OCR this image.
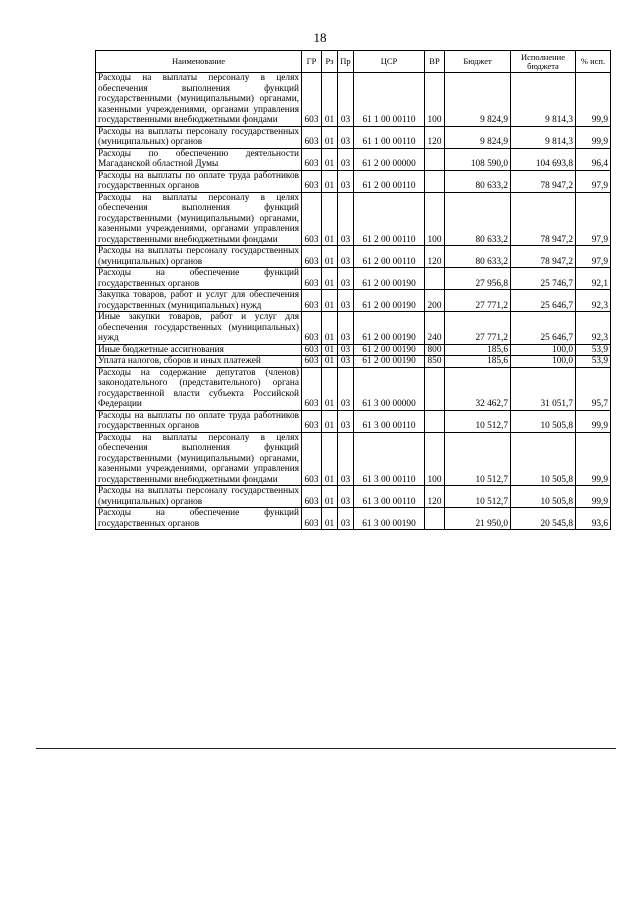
18
Наименование	ГР	Рз	Пр	ЦСР	ВР	Бюджет	Исполнение бюджета	% исп.
Расходы на выплаты персоналу в целях обеспечения выполнения функций государственными (муниципальными) органами, казенными учреждениями, органами управления государственными внебюджетными фондами	603	01	03	61 1 00 00110	100	9 824,9	9 814,3	99,9
Расходы на выплаты персоналу государственных (муниципальных) органов	603	01	03	61 1 00 00110	120	9 824,9	9 814,3	99,9
Расходы по обеспечению деятельности Магаданской областной Думы	603	01	03	61 2 00 00000		108 590,0	104 693,8	96,4
Расходы на выплаты по оплате труда работников государственных органов	603	01	03	61 2 00 00110		80 633,2	78 947,2	97,9
Расходы на выплаты персоналу в целях обеспечения выполнения функций государственными (муниципальными) органами, казенными учреждениями, органами управления государственными внебюджетными фондами	603	01	03	61 2 00 00110	100	80 633,2	78 947,2	97,9
Расходы на выплаты персоналу государственных (муниципальных) органов	603	01	03	61 2 00 00110	120	80 633,2	78 947,2	97,9
Расходы на обеспечение функций государственных органов	603	01	03	61 2 00 00190		27 956,8	25 746,7	92,1
Закупка товаров, работ и услуг для обеспечения государственных (муниципальных) нужд	603	01	03	61 2 00 00190	200	27 771,2	25 646,7	92,3
Иные закупки товаров, работ и услуг для обеспечения государственных (муниципальных) нужд	603	01	03	61 2 00 00190	240	27 771,2	25 646,7	92,3
Иные бюджетные ассигнования	603	01	03	61 2 00 00190	800	185,6	100,0	53,9
Уплата налогов, сборов и иных платежей	603	01	03	61 2 00 00190	850	185,6	100,0	53,9
Расходы на содержание депутатов (членов) законодательного (представительного) органа государственной власти субъекта Российской Федерации	603	01	03	61 3 00 00000		32 462,7	31 051,7	95,7
Расходы на выплаты по оплате труда работников государственных органов	603	01	03	61 3 00 00110		10 512,7	10 505,8	99,9
Расходы на выплаты персоналу в целях обеспечения выполнения функций государственными (муниципальными) органами, казенными учреждениями, органами управления государственными внебюджетными фондами	603	01	03	61 3 00 00110	100	10 512,7	10 505,8	99,9
Расходы на выплаты персоналу государственных (муниципальных) органов	603	01	03	61 3 00 00110	120	10 512,7	10 505,8	99,9
Расходы на обеспечение функций государственных органов	603	01	03	61 3 00 00190		21 950,0	20 545,8	93,6
